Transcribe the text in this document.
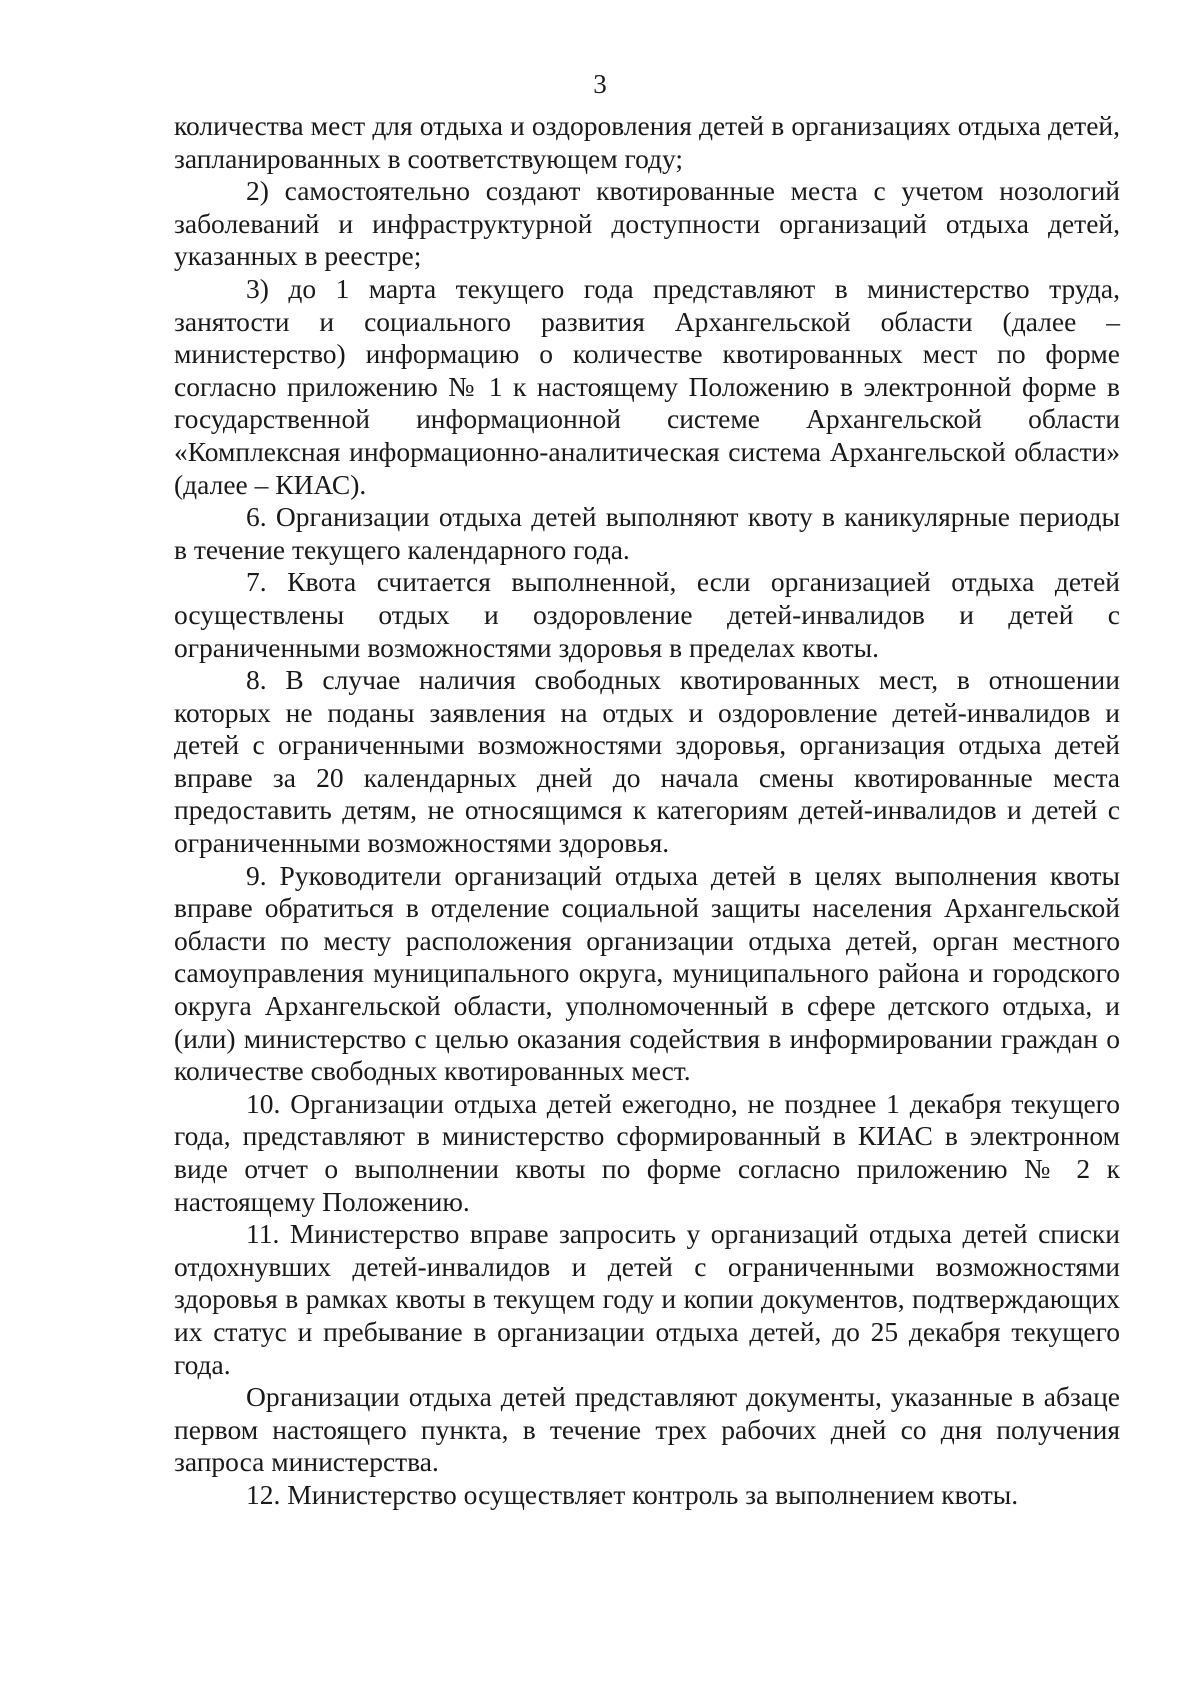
3

количества мест для отдыха и оздоровления детей в организациях отдыха детей, запланированных в соответствующем году;

2) самостоятельно создают квотированные места с учетом нозологий заболеваний и инфраструктурной доступности организаций отдыха детей, указанных в реестре;

3) до 1 марта текущего года представляют в министерство труда, занятости и социального развития Архангельской области (далее – министерство) информацию о количестве квотированных мест по форме согласно приложению № 1 к настоящему Положению в электронной форме в государственной информационной системе Архангельской области «Комплексная информационно-аналитическая система Архангельской области» (далее – КИАС).

6. Организации отдыха детей выполняют квоту в каникулярные периоды в течение текущего календарного года.

7. Квота считается выполненной, если организацией отдыха детей осуществлены отдых и оздоровление детей-инвалидов и детей с ограниченными возможностями здоровья в пределах квоты.

8. В случае наличия свободных квотированных мест, в отношении которых не поданы заявления на отдых и оздоровление детей-инвалидов и детей с ограниченными возможностями здоровья, организация отдыха детей вправе за 20 календарных дней до начала смены квотированные места предоставить детям, не относящимся к категориям детей-инвалидов и детей с ограниченными возможностями здоровья.

9. Руководители организаций отдыха детей в целях выполнения квоты вправе обратиться в отделение социальной защиты населения Архангельской области по месту расположения организации отдыха детей, орган местного самоуправления муниципального округа, муниципального района и городского округа Архангельской области, уполномоченный в сфере детского отдыха, и (или) министерство с целью оказания содействия в информировании граждан о количестве свободных квотированных мест.

10. Организации отдыха детей ежегодно, не позднее 1 декабря текущего года, представляют в министерство сформированный в КИАС в электронном виде отчет о выполнении квоты по форме согласно приложению № 2 к настоящему Положению.

11. Министерство вправе запросить у организаций отдыха детей списки отдохнувших детей-инвалидов и детей с ограниченными возможностями здоровья в рамках квоты в текущем году и копии документов, подтверждающих их статус и пребывание в организации отдыха детей, до 25 декабря текущего года.

Организации отдыха детей представляют документы, указанные в абзаце первом настоящего пункта, в течение трех рабочих дней со дня получения запроса министерства.

12. Министерство осуществляет контроль за выполнением квоты.
